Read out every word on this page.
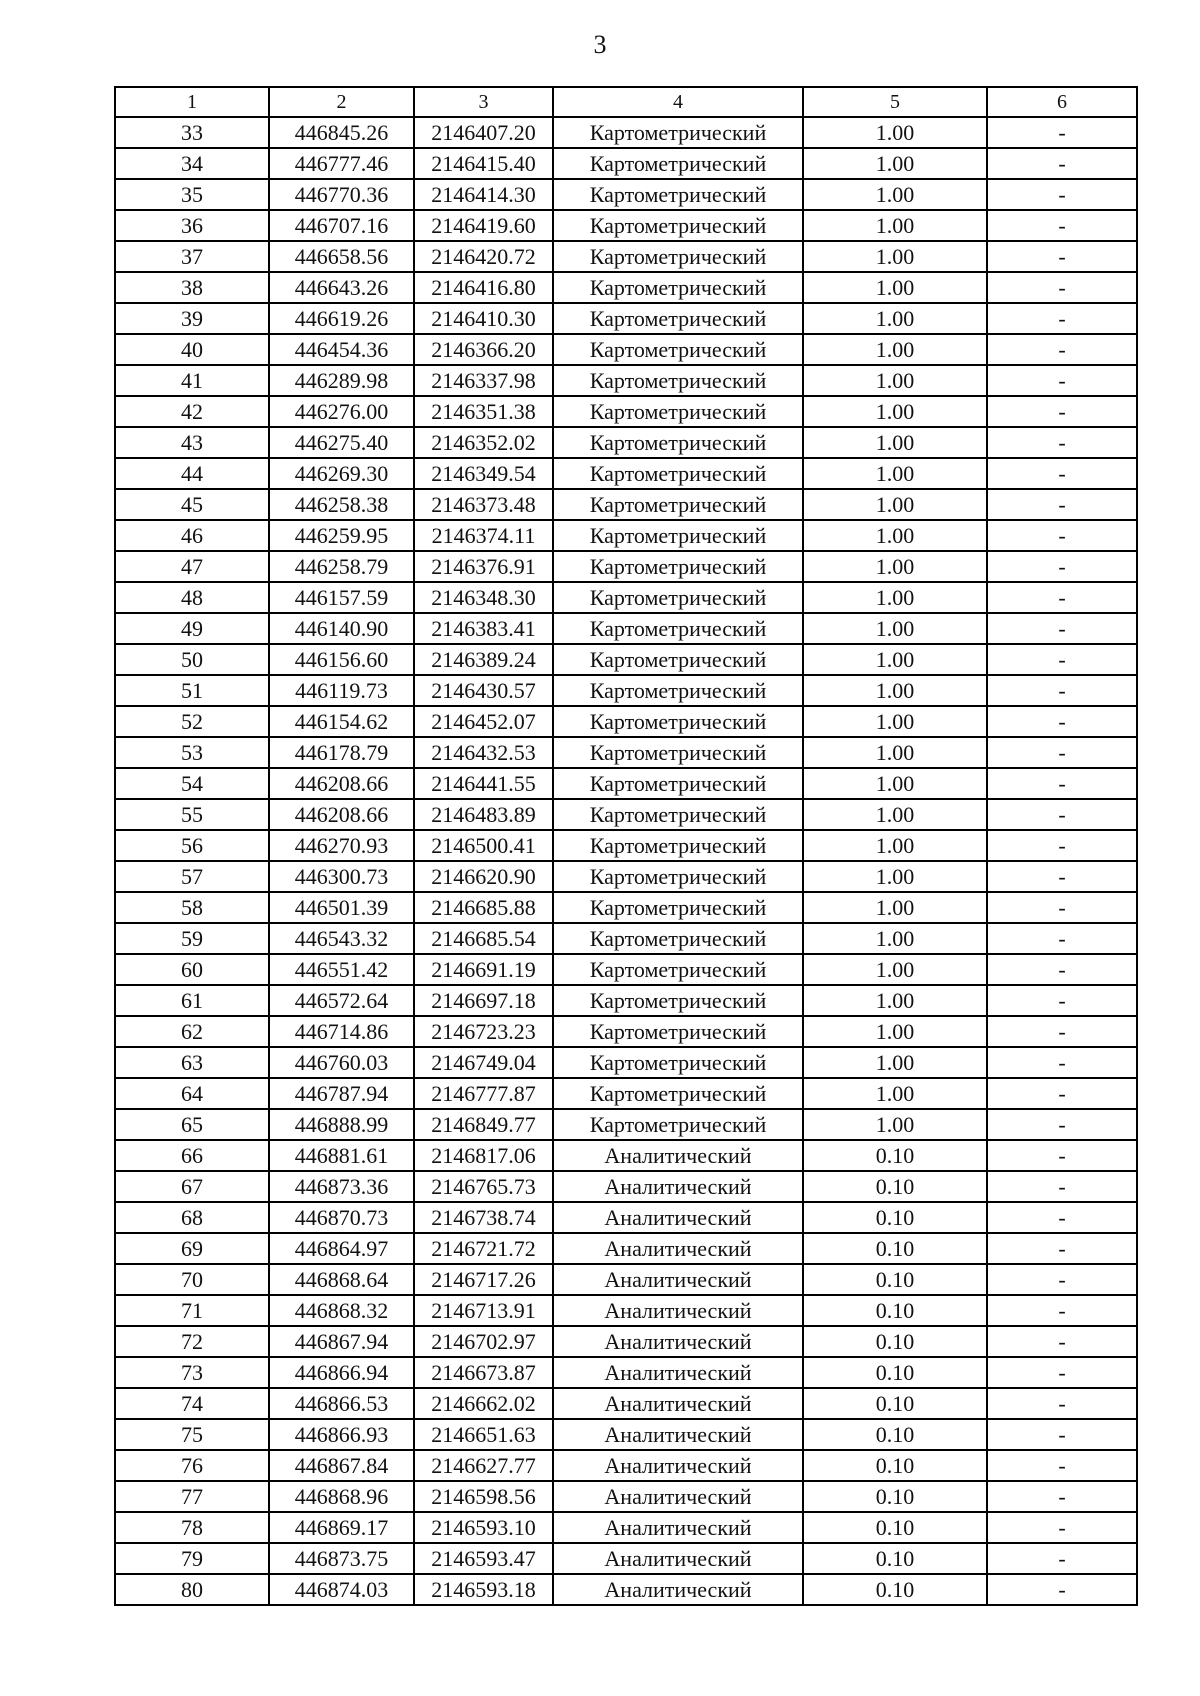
3
1	2	3	4	5	6
33	446845.26	2146407.20	Картометрический	1.00	-
34	446777.46	2146415.40	Картометрический	1.00	-
35	446770.36	2146414.30	Картометрический	1.00	-
36	446707.16	2146419.60	Картометрический	1.00	-
37	446658.56	2146420.72	Картометрический	1.00	-
38	446643.26	2146416.80	Картометрический	1.00	-
39	446619.26	2146410.30	Картометрический	1.00	-
40	446454.36	2146366.20	Картометрический	1.00	-
41	446289.98	2146337.98	Картометрический	1.00	-
42	446276.00	2146351.38	Картометрический	1.00	-
43	446275.40	2146352.02	Картометрический	1.00	-
44	446269.30	2146349.54	Картометрический	1.00	-
45	446258.38	2146373.48	Картометрический	1.00	-
46	446259.95	2146374.11	Картометрический	1.00	-
47	446258.79	2146376.91	Картометрический	1.00	-
48	446157.59	2146348.30	Картометрический	1.00	-
49	446140.90	2146383.41	Картометрический	1.00	-
50	446156.60	2146389.24	Картометрический	1.00	-
51	446119.73	2146430.57	Картометрический	1.00	-
52	446154.62	2146452.07	Картометрический	1.00	-
53	446178.79	2146432.53	Картометрический	1.00	-
54	446208.66	2146441.55	Картометрический	1.00	-
55	446208.66	2146483.89	Картометрический	1.00	-
56	446270.93	2146500.41	Картометрический	1.00	-
57	446300.73	2146620.90	Картометрический	1.00	-
58	446501.39	2146685.88	Картометрический	1.00	-
59	446543.32	2146685.54	Картометрический	1.00	-
60	446551.42	2146691.19	Картометрический	1.00	-
61	446572.64	2146697.18	Картометрический	1.00	-
62	446714.86	2146723.23	Картометрический	1.00	-
63	446760.03	2146749.04	Картометрический	1.00	-
64	446787.94	2146777.87	Картометрический	1.00	-
65	446888.99	2146849.77	Картометрический	1.00	-
66	446881.61	2146817.06	Аналитический	0.10	-
67	446873.36	2146765.73	Аналитический	0.10	-
68	446870.73	2146738.74	Аналитический	0.10	-
69	446864.97	2146721.72	Аналитический	0.10	-
70	446868.64	2146717.26	Аналитический	0.10	-
71	446868.32	2146713.91	Аналитический	0.10	-
72	446867.94	2146702.97	Аналитический	0.10	-
73	446866.94	2146673.87	Аналитический	0.10	-
74	446866.53	2146662.02	Аналитический	0.10	-
75	446866.93	2146651.63	Аналитический	0.10	-
76	446867.84	2146627.77	Аналитический	0.10	-
77	446868.96	2146598.56	Аналитический	0.10	-
78	446869.17	2146593.10	Аналитический	0.10	-
79	446873.75	2146593.47	Аналитический	0.10	-
80	446874.03	2146593.18	Аналитический	0.10	-
